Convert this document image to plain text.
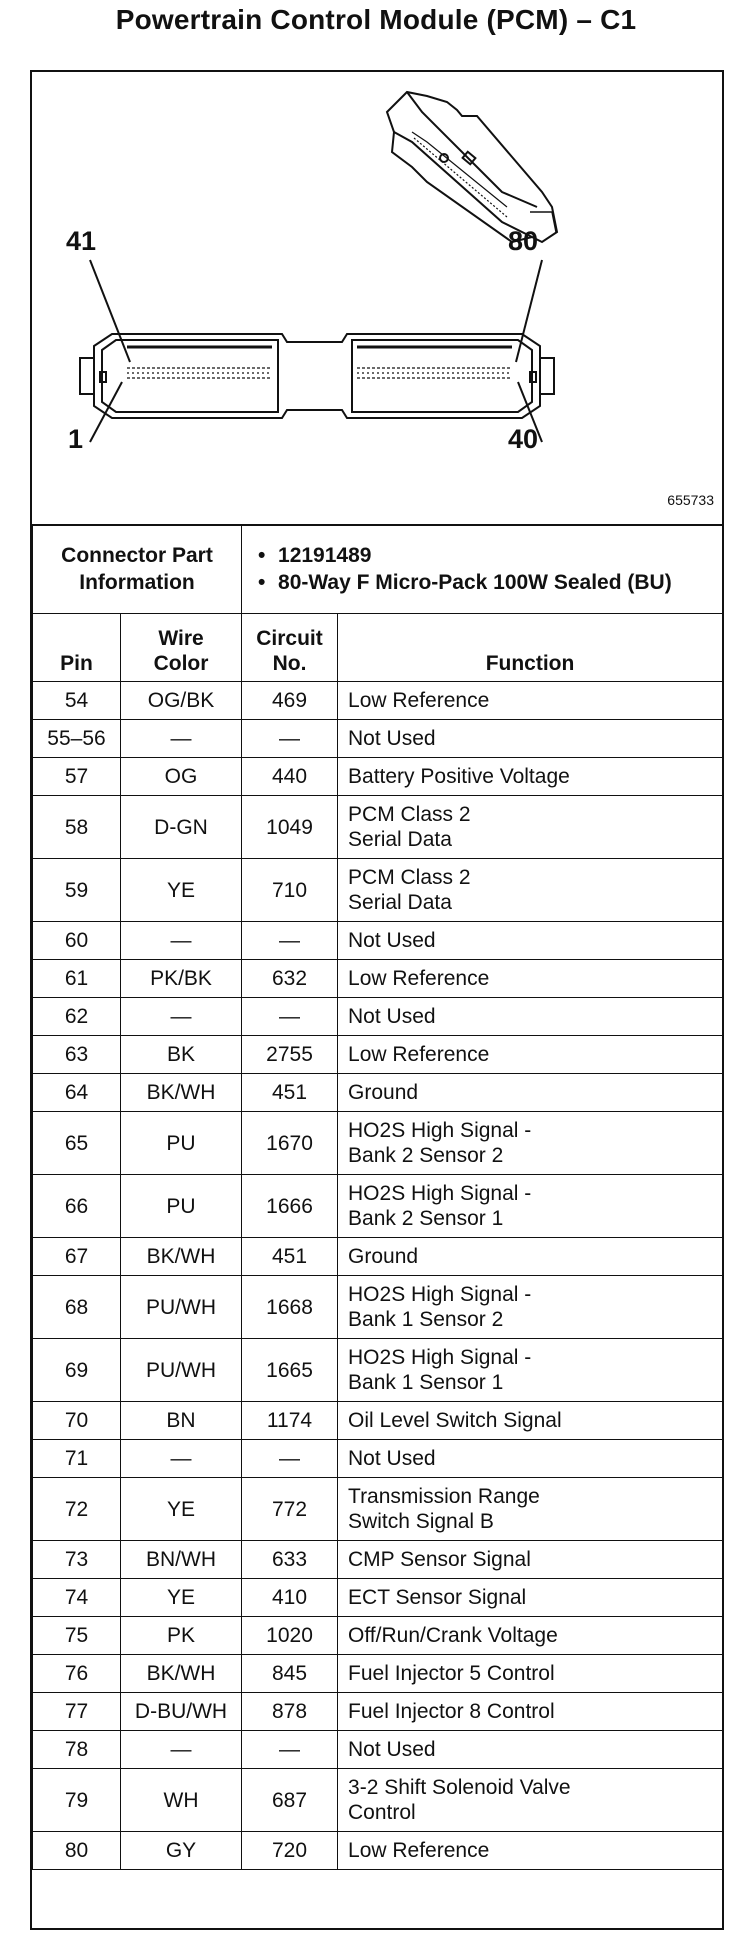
Powertrain Control Module (PCM) – C1
41	80
1	40
655733
Connector Part Information		• 12191489
• 80-Way F Micro-Pack 100W Sealed (BU)

Pin	Wire Color	Circuit No.	Function
54	OG/BK	469	Low Reference

55–56	—	—	Not Used

57	OG	440	Battery Positive Voltage

58	D-GN	1049	PCM Class 2
Serial Data

59	YE	710	PCM Class 2
Serial Data

60	—	—	Not Used

61	PK/BK	632	Low Reference

62	—	—	Not Used

63	BK	2755	Low Reference

64	BK/WH	451	Ground

65	PU	1670	HO2S High Signal -
Bank 2 Sensor 2

66	PU	1666	HO2S High Signal -
Bank 2 Sensor 1

67	BK/WH	451	Ground

68	PU/WH	1668	HO2S High Signal -
Bank 1 Sensor 2

69	PU/WH	1665	HO2S High Signal -
Bank 1 Sensor 1

70	BN	1174	Oil Level Switch Signal

71	—	—	Not Used

72	YE	772	Transmission Range
Switch Signal B

73	BN/WH	633	CMP Sensor Signal

74	YE	410	ECT Sensor Signal

75	PK	1020	Off/Run/Crank Voltage

76	BK/WH	845	Fuel Injector 5 Control

77	D-BU/WH	878	Fuel Injector 8 Control

78	—	—	Not Used

79	WH	687	3-2 Shift Solenoid Valve
Control

80	GY	720	Low Reference
